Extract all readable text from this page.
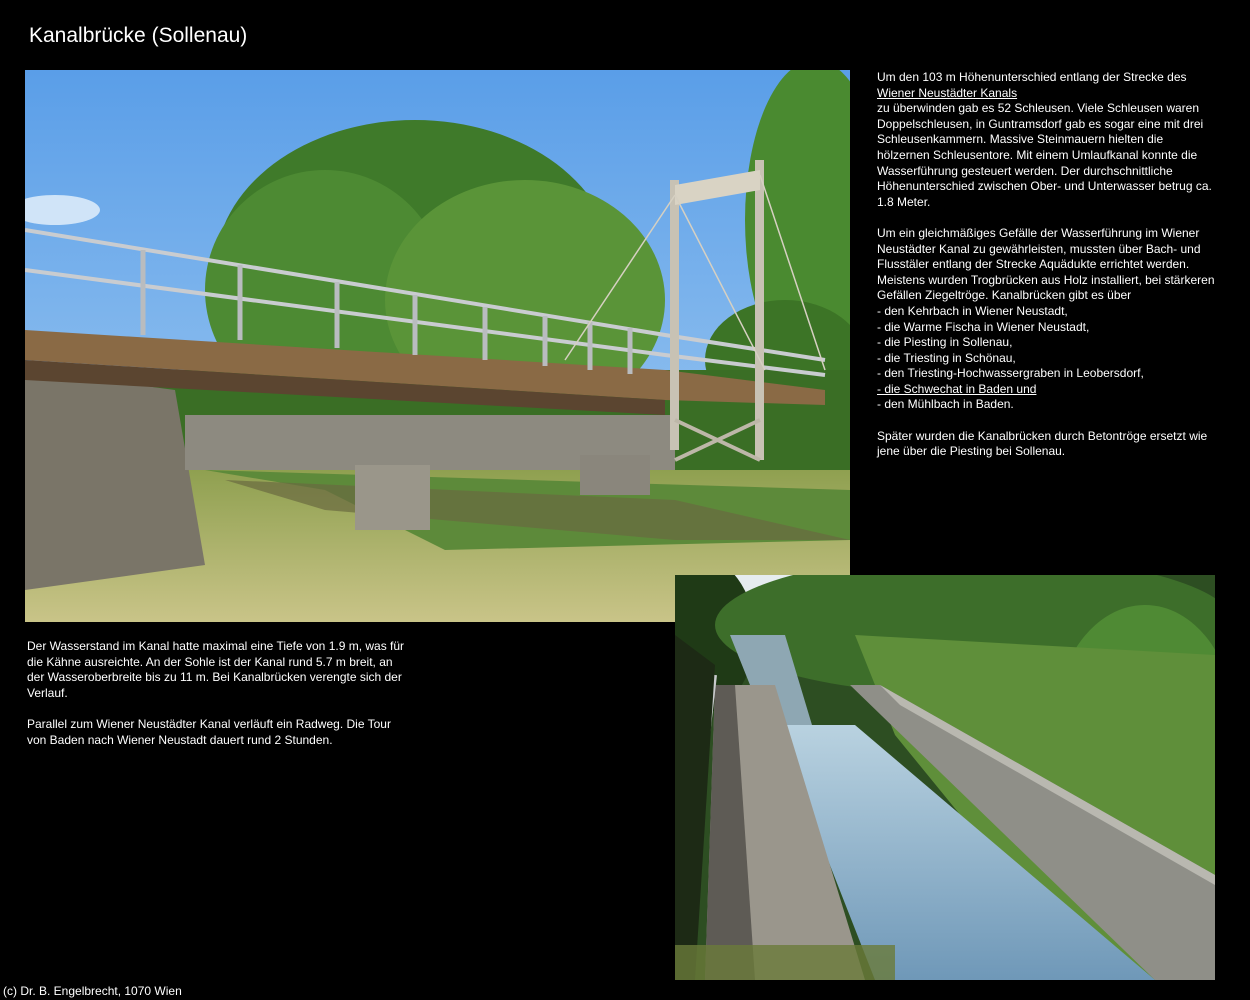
Kanalbrücke (Sollenau)

Um den 103 m Höhenunterschied entlang der Strecke des
Wiener Neustädter Kanals
zu überwinden gab es 52 Schleusen. Viele Schleusen waren Doppelschleusen, in Guntramsdorf gab es sogar eine mit drei Schleusenkammern. Massive Steinmauern hielten die hölzernen Schleusentore. Mit einem Umlaufkanal konnte die Wasserführung gesteuert werden. Der durchschnittliche Höhenunterschied zwischen Ober- und Unterwasser betrug ca. 1.8 Meter.

Um ein gleichmäßiges Gefälle der Wasserführung im Wiener Neustädter Kanal zu gewährleisten, mussten über Bach- und Flusstäler entlang der Strecke Aquädukte errichtet werden. Meistens wurden Trogbrücken aus Holz installiert, bei stärkeren Gefällen Ziegeltröge. Kanalbrücken gibt es über

- den Kehrbach in Wiener Neustadt,
- die Warme Fischa in Wiener Neustadt,
- die Piesting in Sollenau,
- die Triesting in Schönau,
- den Triesting-Hochwassergraben in Leobersdorf,
- die Schwechat in Baden und
- den Mühlbach in Baden.

Später wurden die Kanalbrücken durch Betontröge ersetzt wie jene über die Piesting bei Sollenau.

Der Wasserstand im Kanal hatte maximal eine Tiefe von 1.9 m, was für die Kähne ausreichte. An der Sohle ist der Kanal rund 5.7 m breit, an der Wasseroberbreite bis zu 11 m. Bei Kanalbrücken verengte sich der Verlauf.

Parallel zum Wiener Neustädter Kanal verläuft ein Radweg. Die Tour von Baden nach Wiener Neustadt dauert rund 2 Stunden.

(c) Dr. B. Engelbrecht, 1070 Wien
